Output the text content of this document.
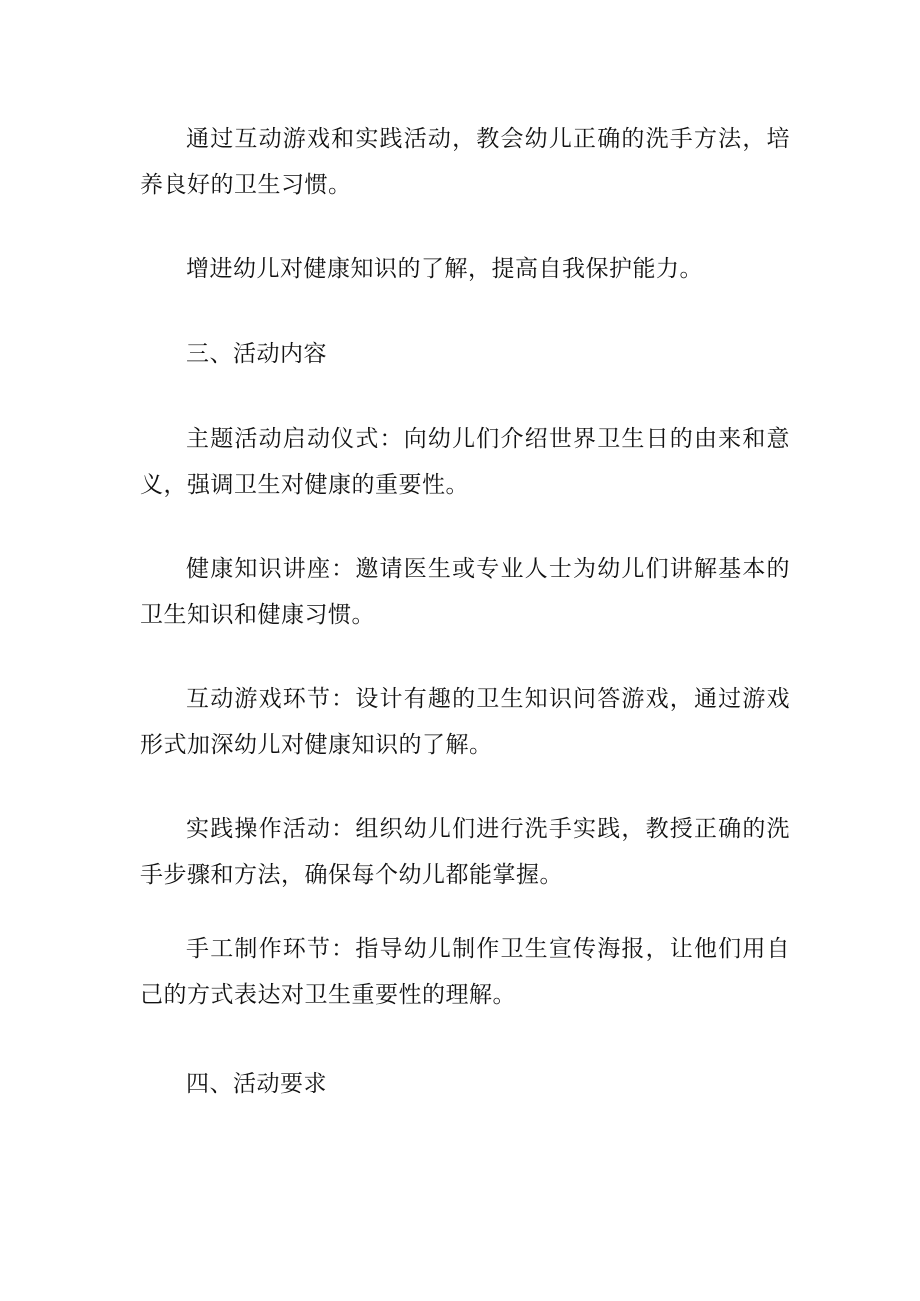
通过互动游戏和实践活动，教会幼儿正确的洗手方法，培养良好的卫生习惯。

增进幼儿对健康知识的了解，提高自我保护能力。

三、活动内容

主题活动启动仪式：向幼儿们介绍世界卫生日的由来和意义，强调卫生对健康的重要性。

健康知识讲座：邀请医生或专业人士为幼儿们讲解基本的卫生知识和健康习惯。

互动游戏环节：设计有趣的卫生知识问答游戏，通过游戏形式加深幼儿对健康知识的了解。

实践操作活动：组织幼儿们进行洗手实践，教授正确的洗手步骤和方法，确保每个幼儿都能掌握。

手工制作环节：指导幼儿制作卫生宣传海报，让他们用自己的方式表达对卫生重要性的理解。

四、活动要求
